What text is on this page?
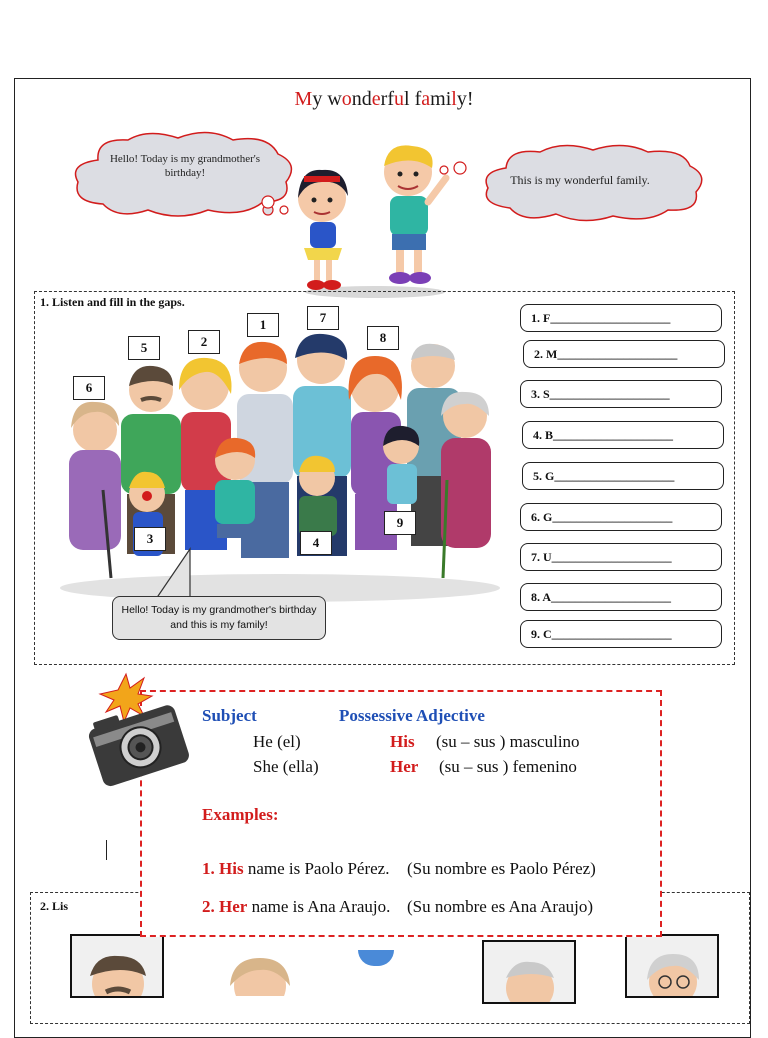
My wonderful family!
Hello! Today is my grandmother's birthday!	This is my wonderful family.
1. Listen and fill in the gaps.
1
2
3	4
5
6
7
8
9
Hello! Today is my grandmother's birthday and this is my family!
1. F____________________
2. M____________________
3. S____________________
4. B____________________
5. G____________________
6. G____________________
7. U____________________
8. A____________________
9. C____________________
2. Lis
Subject	Possessive Adjective
He (el)	His (su – sus ) masculino
She (ella)	Her (su – sus ) femenino
Examples:
1. His name is Paolo Pérez. (Su nombre es Paolo Pérez)
2. Her name is Ana Araujo. (Su nombre es Ana Araujo)
